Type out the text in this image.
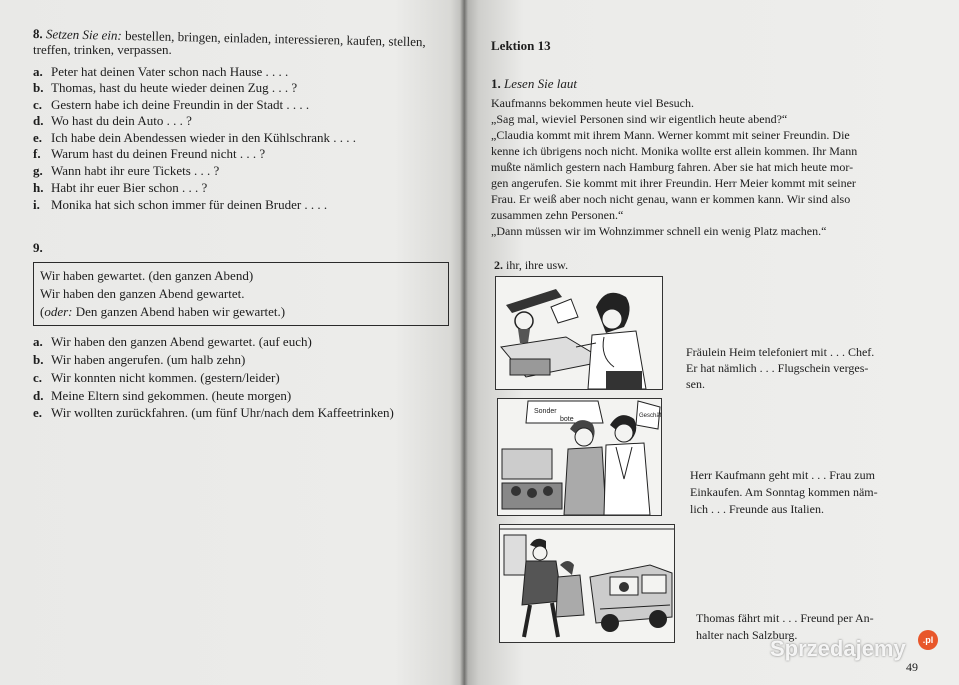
8. Setzen Sie ein: bestellen, bringen, einladen, interessieren, kaufen, stellen,
treffen, trinken, verpassen.
a. Peter hat deinen Vater schon nach Hause . . . .
b. Thomas, hast du heute wieder deinen Zug . . . ?
c. Gestern habe ich deine Freundin in der Stadt . . . .
d. Wo hast du dein Auto . . . ?
e. Ich habe dein Abendessen wieder in den Kühlschrank . . . .
f. Warum hast du deinen Freund nicht . . . ?
g. Wann habt ihr eure Tickets . . . ?
h. Habt ihr euer Bier schon . . . ?
i. Monika hat sich schon immer für deinen Bruder . . . .
9.
Wir haben gewartet. (den ganzen Abend)
Wir haben den ganzen Abend gewartet.
(oder: Den ganzen Abend haben wir gewartet.)
a. Wir haben den ganzen Abend gewartet. (auf euch)
b. Wir haben angerufen. (um halb zehn)
c. Wir konnten nicht kommen. (gestern/leider)
d. Meine Eltern sind gekommen. (heute morgen)
e. Wir wollten zurückfahren. (um fünf Uhr/nach dem Kaffeetrinken)
Lektion 13
1. Lesen Sie laut
Kaufmanns bekommen heute viel Besuch.
„Sag mal, wieviel Personen sind wir eigentlich heute abend?“
„Claudia kommt mit ihrem Mann. Werner kommt mit seiner Freundin. Die
kenne ich übrigens noch nicht. Monika wollte erst allein kommen. Ihr Mann
mußte nämlich gestern nach Hamburg fahren. Aber sie hat mich heute mor-
gen angerufen. Sie kommt mit ihrer Freundin. Herr Meier kommt mit seiner
Frau. Er weiß aber noch nicht genau, wann er kommen kann. Wir sind also
zusammen zehn Personen.“
„Dann müssen wir im Wohnzimmer schnell ein wenig Platz machen.“
2. ihr, ihre usw.
Fräulein Heim telefoniert mit . . . Chef.
Er hat nämlich . . . Flugschein verges-
sen.
Sonder
bote	Geschäft
Herr Kaufmann geht mit . . . Frau zum
Einkaufen. Am Sonntag kommen näm-
lich . . . Freunde aus Italien.
Thomas fährt mit . . . Freund per An-
halter nach Salzburg.
49
Sprzedajemy	.pl
